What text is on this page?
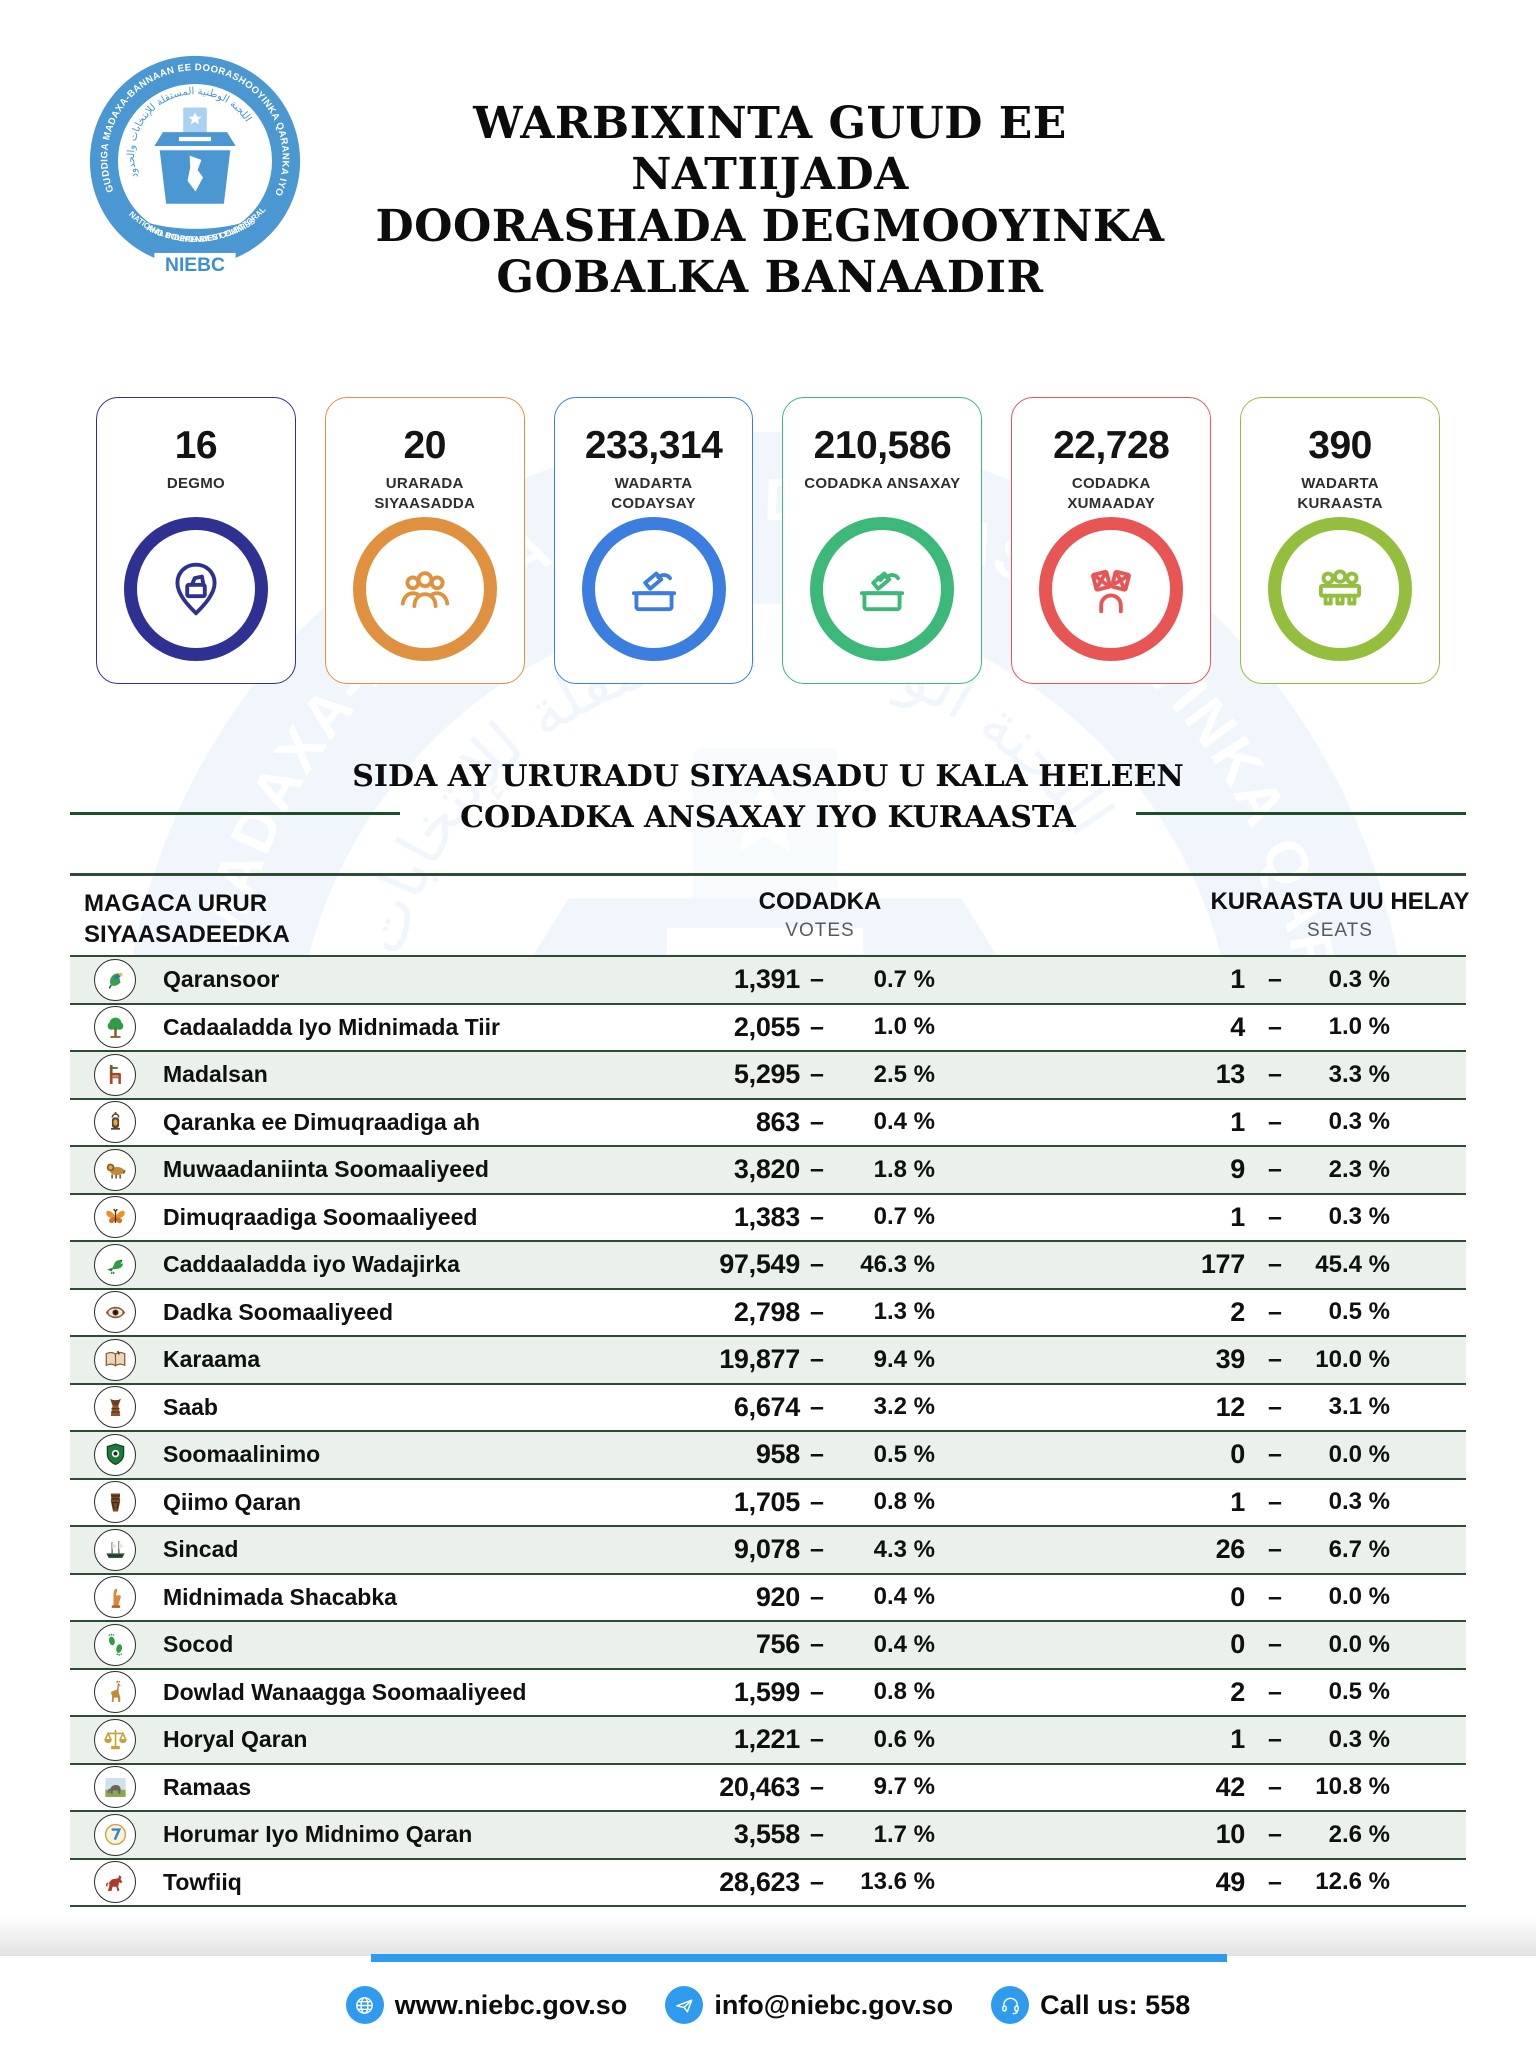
WARBIXINTA GUUD EE NATIIJADA
DOORASHADA DEGMOOYINKA
GOBALKA BANAADIR
16
DEGMO
20
URARADA SIYAASADDA
233,314
WADARTA CODAYSAY
210,586
CODADKA ANSAXAY
22,728
CODADKA XUMAADAY
390
WADARTA KURAASTA
SIDA AY URURADU SIYAASADU U KALA HELEEN
CODADKA ANSAXAY IYO KURAASTA
MAGACA URUR
SIYAASADEEDKA
CODADKA
VOTES
KURAASTA UU HELAY
SEATS
Qaransoor	1,391 –	0.7 %	1 –	0.3 %
Cadaaladda Iyo Midnimada Tiir	2,055 –	1.0 %	4 –	1.0 %
Madalsan	5,295 –	2.5 %	13 –	3.3 %
Qaranka ee Dimuqraadiga ah	863 –	0.4 %	1 –	0.3 %
Muwaadaniinta Soomaaliyeed	3,820 –	1.8 %	9 –	2.3 %
Dimuqraadiga Soomaaliyeed	1,383 –	0.7 %	1 –	0.3 %
Caddaaladda iyo Wadajirka	97,549 –	46.3 %	177 –	45.4 %
Dadka Soomaaliyeed	2,798 –	1.3 %	2 –	0.5 %
Karaama	19,877 –	9.4 %	39 –	10.0 %
Saab	6,674 –	3.2 %	12 –	3.1 %
Soomaalinimo	958 –	0.5 %	0 –	0.0 %
Qiimo Qaran	1,705 –	0.8 %	1 –	0.3 %
Sincad	9,078 –	4.3 %	26 –	6.7 %
Midnimada Shacabka	920 –	0.4 %	0 –	0.0 %
Socod	756 –	0.4 %	0 –	0.0 %
Dowlad Wanaagga Soomaaliyeed	1,599 –	0.8 %	2 –	0.5 %
Horyal Qaran	1,221 –	0.6 %	1 –	0.3 %
Ramaas	20,463 –	9.7 %	42 –	10.8 %
Horumar Iyo Midnimo Qaran	3,558 –	1.7 %	10 –	2.6 %
Towfiiq	28,623 –	13.6 %	49 –	12.6 %
www.niebc.gov.so	info@niebc.gov.so	Call us: 558
